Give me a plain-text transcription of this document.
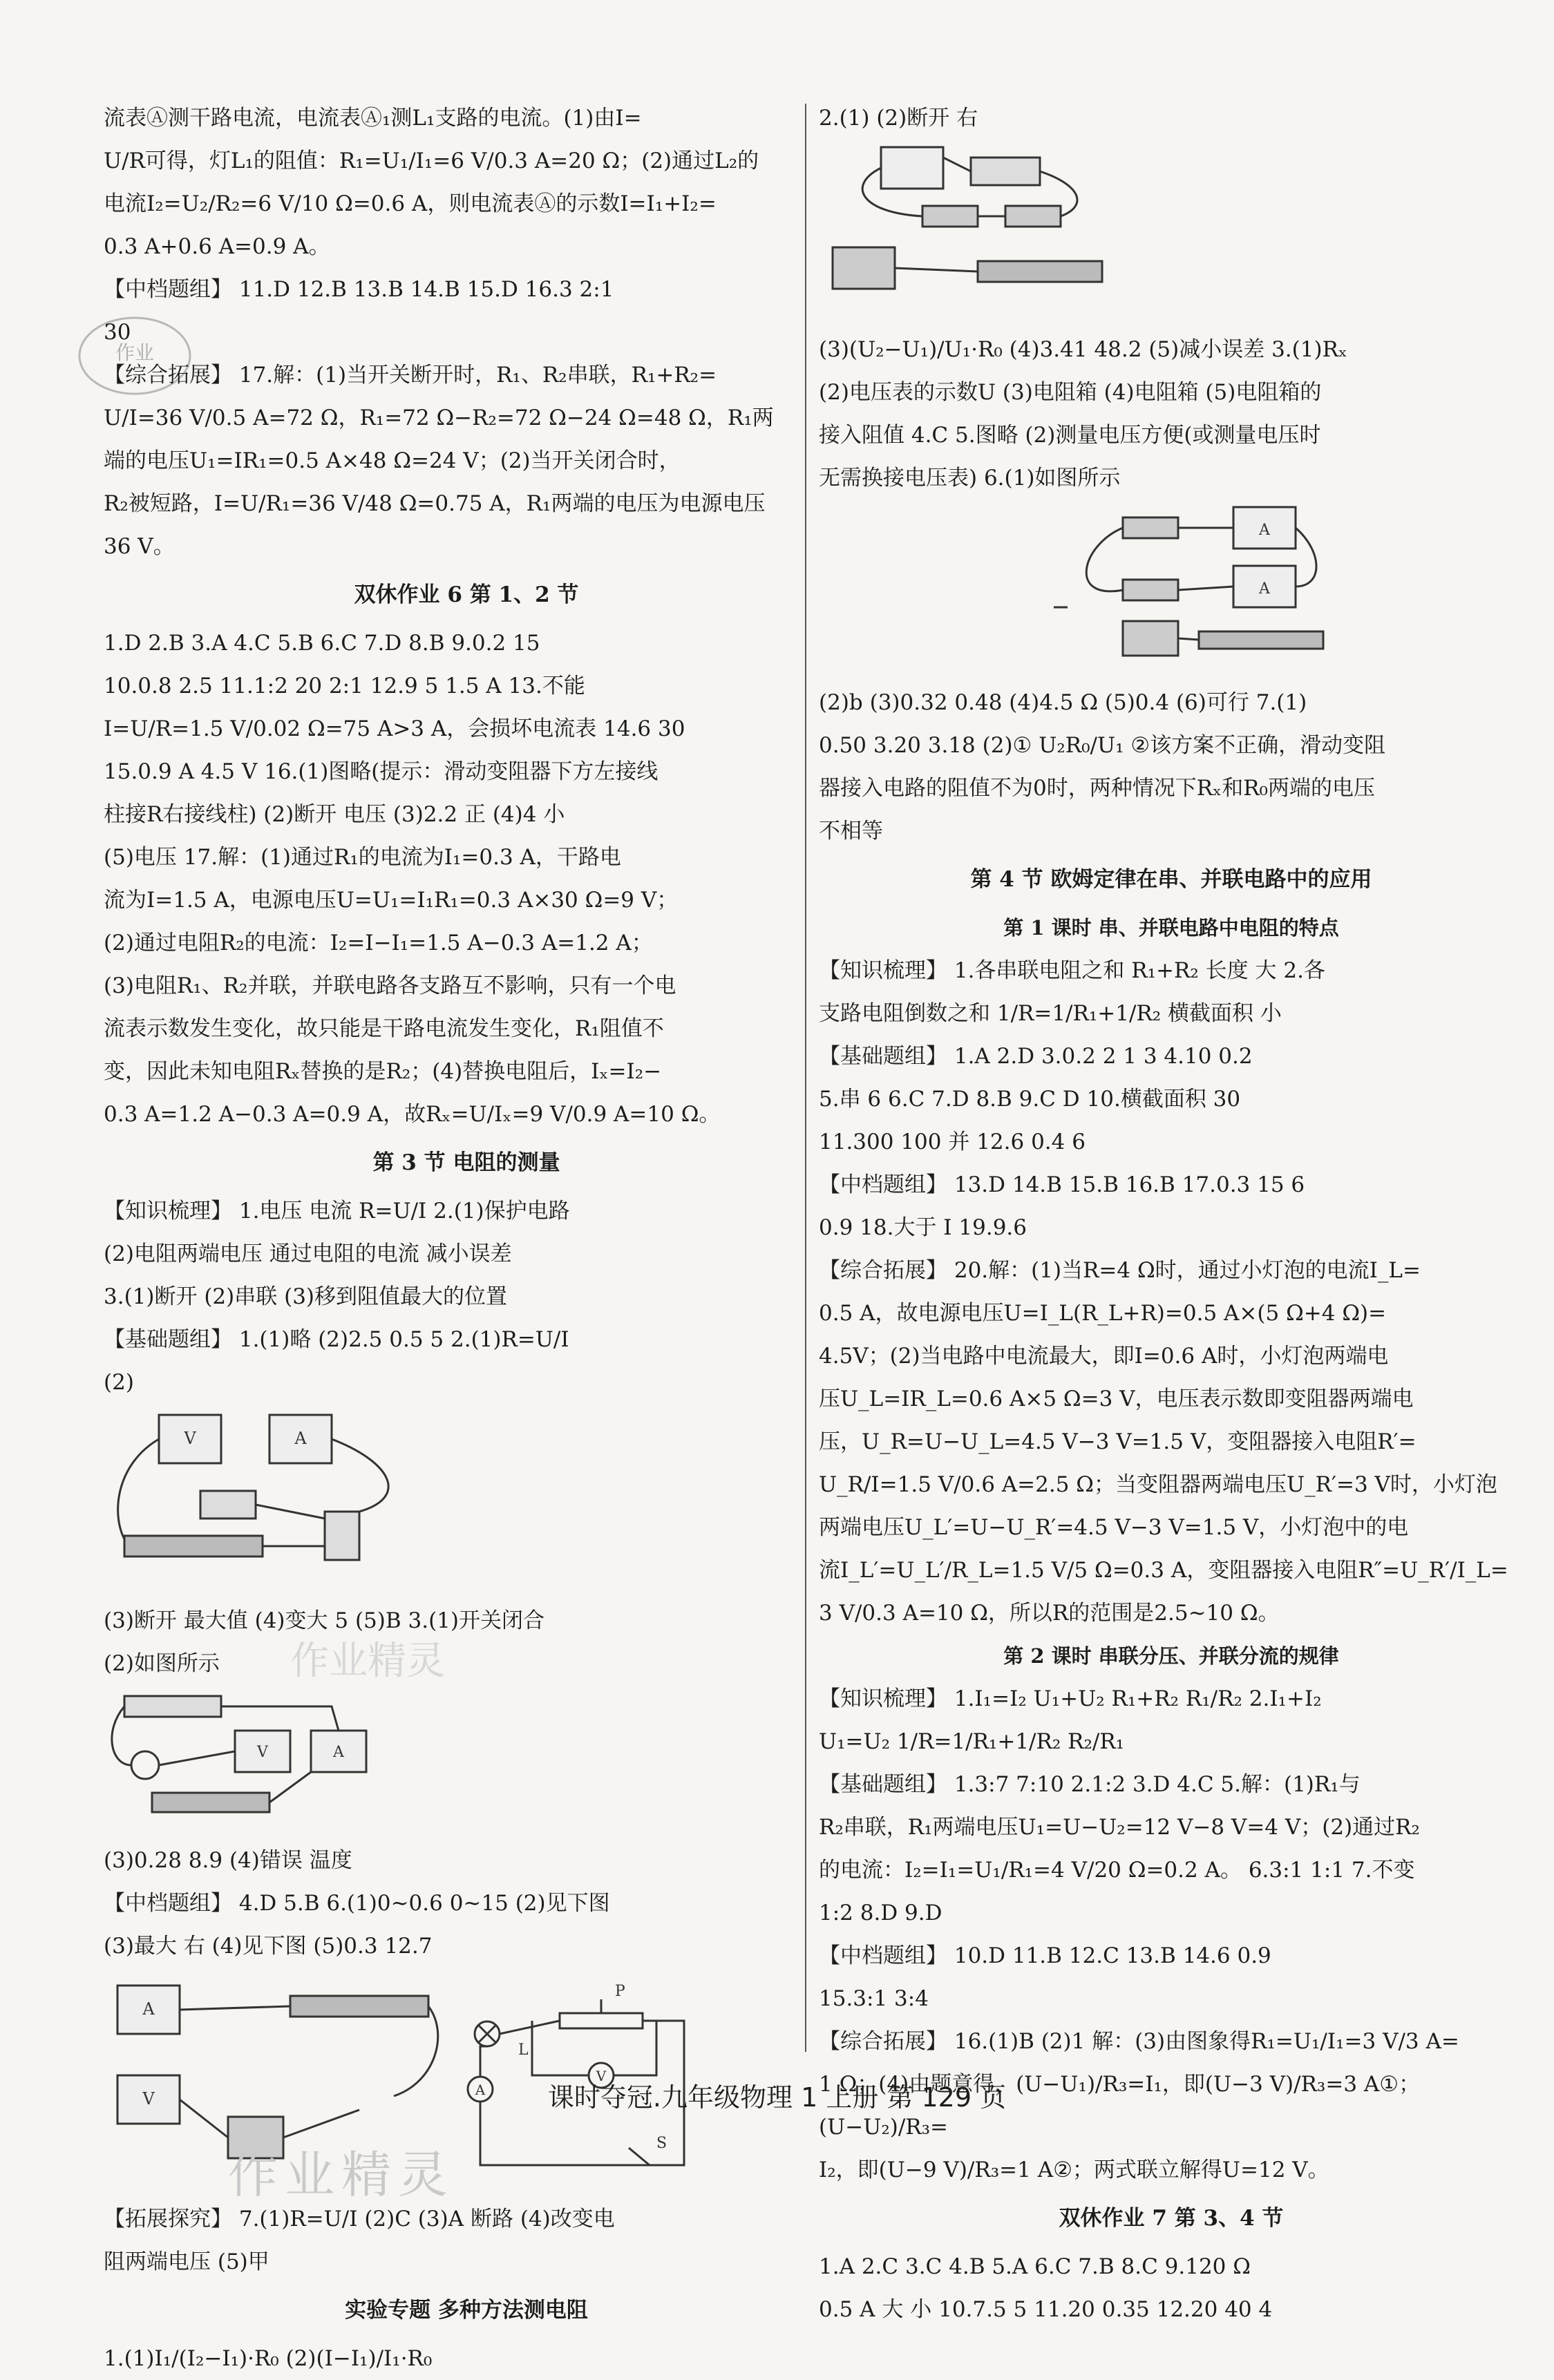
作业

流表Ⓐ测干路电流，电流表Ⓐ₁测L₁支路的电流。(1)由I=

U/R可得，灯L₁的阻值：R₁=U₁/I₁=6 V/0.3 A=20 Ω；(2)通过L₂的

电流I₂=U₂/R₂=6 V/10 Ω=0.6 A，则电流表Ⓐ的示数I=I₁+I₂=

0.3 A+0.6 A=0.9 A。

【中档题组】 11.D 12.B 13.B 14.B 15.D 16.3 2:1

30

【综合拓展】 17.解：(1)当开关断开时，R₁、R₂串联，R₁+R₂=

U/I=36 V/0.5 A=72 Ω，R₁=72 Ω−R₂=72 Ω−24 Ω=48 Ω，R₁两

端的电压U₁=IR₁=0.5 A×48 Ω=24 V；(2)当开关闭合时，

R₂被短路，I=U/R₁=36 V/48 Ω=0.75 A，R₁两端的电压为电源电压

36 V。

双休作业 6 第 1、2 节

1.D 2.B 3.A 4.C 5.B 6.C 7.D 8.B 9.0.2 15

10.0.8 2.5 11.1:2 20 2:1 12.9 5 1.5 A 13.不能

I=U/R=1.5 V/0.02 Ω=75 A>3 A，会损坏电流表 14.6 30

15.0.9 A 4.5 V 16.(1)图略(提示：滑动变阻器下方左接线

柱接R右接线柱) (2)断开 电压 (3)2.2 正 (4)4 小

(5)电压 17.解：(1)通过R₁的电流为I₁=0.3 A，干路电

流为I=1.5 A，电源电压U=U₁=I₁R₁=0.3 A×30 Ω=9 V；

(2)通过电阻R₂的电流：I₂=I−I₁=1.5 A−0.3 A=1.2 A；

(3)电阻R₁、R₂并联，并联电路各支路互不影响，只有一个电

流表示数发生变化，故只能是干路电流发生变化，R₁阻值不

变，因此未知电阻Rₓ替换的是R₂；(4)替换电阻后，Iₓ=I₂−

0.3 A=1.2 A−0.3 A=0.9 A，故Rₓ=U/Iₓ=9 V/0.9 A=10 Ω。

第 3 节 电阻的测量

【知识梳理】 1.电压 电流 R=U/I 2.(1)保护电路

(2)电阻两端电压 通过电阻的电流 减小误差

3.(1)断开 (2)串联 (3)移到阻值最大的位置

【基础题组】 1.(1)略 (2)2.5 0.5 5 2.(1)R=U/I

(2)

V	A

(3)断开 最大值 (4)变大 5 (5)B 3.(1)开关闭合

(2)如图所示

V	A

(3)0.28 8.9 (4)错误 温度

【中档题组】 4.D 5.B 6.(1)0~0.6 0~15 (2)见下图

(3)最大 右 (4)见下图 (5)0.3 12.7

A
V	A
V
P
L
S

【拓展探究】 7.(1)R=U/I (2)C (3)A 断路 (4)改变电

阻两端电压 (5)甲

实验专题 多种方法测电阻

1.(1)I₁/(I₂−I₁)·R₀ (2)(I−I₁)/I₁·R₀

2.(1) (2)断开 右

(3)(U₂−U₁)/U₁·R₀ (4)3.41 48.2 (5)减小误差 3.(1)Rₓ

(2)电压表的示数U (3)电阻箱 (4)电阻箱 (5)电阻箱的

接入阻值 4.C 5.图略 (2)测量电压方便(或测量电压时

无需换接电压表) 6.(1)如图所示

A
A

(2)b (3)0.32 0.48 (4)4.5 Ω (5)0.4 (6)可行 7.(1)

0.50 3.20 3.18 (2)① U₂R₀/U₁ ②该方案不正确，滑动变阻

器接入电路的阻值不为0时，两种情况下Rₓ和R₀两端的电压

不相等

第 4 节 欧姆定律在串、并联电路中的应用

第 1 课时 串、并联电路中电阻的特点

【知识梳理】 1.各串联电阻之和 R₁+R₂ 长度 大 2.各

支路电阻倒数之和 1/R=1/R₁+1/R₂ 横截面积 小

【基础题组】 1.A 2.D 3.0.2 2 1 3 4.10 0.2

5.串 6 6.C 7.D 8.B 9.C D 10.横截面积 30

11.300 100 并 12.6 0.4 6

【中档题组】 13.D 14.B 15.B 16.B 17.0.3 15 6

0.9 18.大于 I 19.9.6

【综合拓展】 20.解：(1)当R=4 Ω时，通过小灯泡的电流I_L=

0.5 A，故电源电压U=I_L(R_L+R)=0.5 A×(5 Ω+4 Ω)=

4.5V；(2)当电路中电流最大，即I=0.6 A时，小灯泡两端电

压U_L=IR_L=0.6 A×5 Ω=3 V，电压表示数即变阻器两端电

压，U_R=U−U_L=4.5 V−3 V=1.5 V，变阻器接入电阻R′=

U_R/I=1.5 V/0.6 A=2.5 Ω；当变阻器两端电压U_R′=3 V时，小灯泡

两端电压U_L′=U−U_R′=4.5 V−3 V=1.5 V，小灯泡中的电

流I_L′=U_L′/R_L=1.5 V/5 Ω=0.3 A，变阻器接入电阻R″=U_R′/I_L=

3 V/0.3 A=10 Ω，所以R的范围是2.5~10 Ω。

第 2 课时 串联分压、并联分流的规律

【知识梳理】 1.I₁=I₂ U₁+U₂ R₁+R₂ R₁/R₂ 2.I₁+I₂

U₁=U₂ 1/R=1/R₁+1/R₂ R₂/R₁

【基础题组】 1.3:7 7:10 2.1:2 3.D 4.C 5.解：(1)R₁与

R₂串联，R₁两端电压U₁=U−U₂=12 V−8 V=4 V；(2)通过R₂

的电流：I₂=I₁=U₁/R₁=4 V/20 Ω=0.2 A。 6.3:1 1:1 7.不变

1:2 8.D 9.D

【中档题组】 10.D 11.B 12.C 13.B 14.6 0.9

15.3:1 3:4

【综合拓展】 16.(1)B (2)1 解：(3)由图象得R₁=U₁/I₁=3 V/3 A=

1 Ω；(4)由题意得，(U−U₁)/R₃=I₁，即(U−3 V)/R₃=3 A①；(U−U₂)/R₃=

I₂，即(U−9 V)/R₃=1 A②；两式联立解得U=12 V。

双休作业 7 第 3、4 节

1.A 2.C 3.C 4.B 5.A 6.C 7.B 8.C 9.120 Ω

0.5 A 大 小 10.7.5 5 11.20 0.35 12.20 40 4

作业精灵
课时夺冠.九年级物理 1 上册 第 129 页
作业精灵
